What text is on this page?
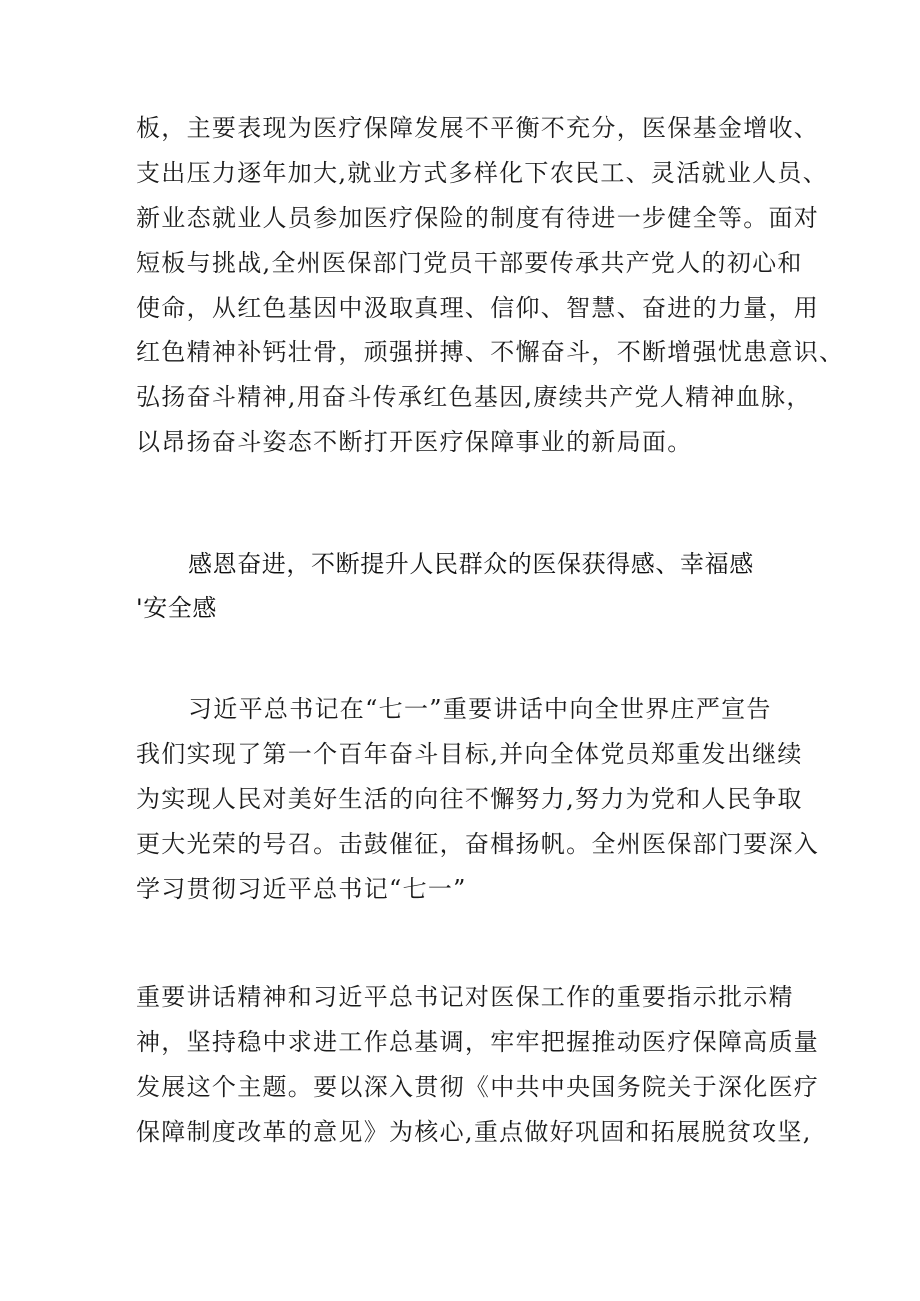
板，主要表现为医疗保障发展不平衡不充分，医保基金增收、
支出压力逐年加大,就业方式多样化下农民工、灵活就业人员、
新业态就业人员参加医疗保险的制度有待进一步健全等。面对
短板与挑战,全州医保部门党员干部要传承共产党人的初心和
使命，从红色基因中汲取真理、信仰、智慧、奋进的力量，用
红色精神补钙壮骨，顽强拼搏、不懈奋斗，不断增强忧患意识、
弘扬奋斗精神,用奋斗传承红色基因,赓续共产党人精神血脉，
以昂扬奋斗姿态不断打开医疗保障事业的新局面。
感恩奋进，不断提升人民群众的医保获得感、幸福感
'安全感
习近平总书记在“七一”重要讲话中向全世界庄严宣告
我们实现了第一个百年奋斗目标,并向全体党员郑重发出继续
为实现人民对美好生活的向往不懈努力,努力为党和人民争取
更大光荣的号召。击鼓催征，奋楫扬帆。全州医保部门要深入
学习贯彻习近平总书记“七一”
重要讲话精神和习近平总书记对医保工作的重要指示批示精
神，坚持稳中求进工作总基调，牢牢把握推动医疗保障高质量
发展这个主题。要以深入贯彻《中共中央国务院关于深化医疗
保障制度改革的意见》为核心,重点做好巩固和拓展脱贫攻坚,
